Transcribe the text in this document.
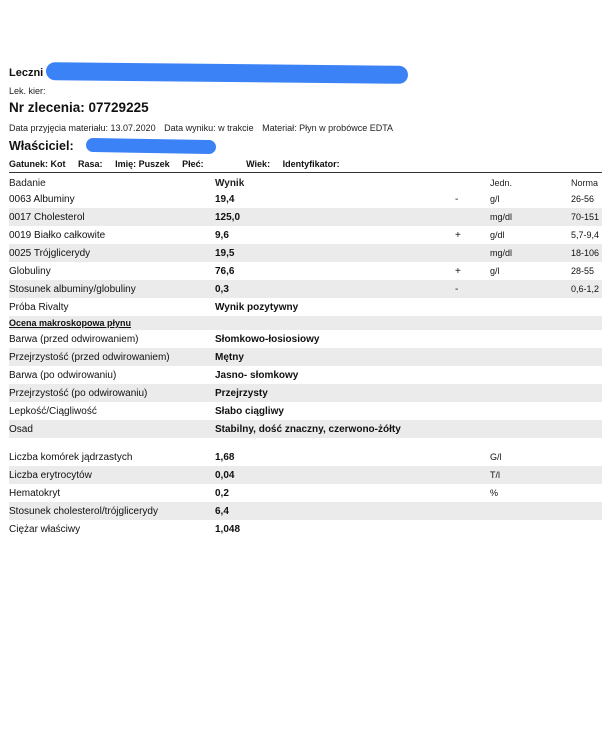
Leczni
Lek. kier:
Nr zlecenia: 07729225
Data przyjęcia materiału: 13.07.2020 Data wyniku: w trakcie Materiał: Płyn w probówce EDTA
Właściciel:
Gatunek: Kot Rasa: Imię: Puszek Płeć:	Wiek: Identyfikator:
Badanie	Wynik		Jedn.	Norma
0063 Albuminy	19,4	-	g/l	26-56
0017 Cholesterol	125,0		mg/dl	70-151
0019 Białko całkowite	9,6	+	g/dl	5,7-9,4
0025 Trójglicerydy	19,5		mg/dl	18-106
Globuliny	76,6	+	g/l	28-55
Stosunek albuminy/globuliny	0,3	-		0,6-1,2
Próba Rivalty	Wynik pozytywny			
Ocena makroskopowa płynu				
Barwa (przed odwirowaniem)	Słomkowo-łosiosiowy			
Przejrzystość (przed odwirowaniem)	Mętny			
Barwa (po odwirowaniu)	Jasno- słomkowy			
Przejrzystość (po odwirowaniu)	Przejrzysty			
Lepkość/Ciągliwość	Słabo ciągliwy			
Osad	Stabilny, dość znaczny, czerwono-żółty			

Liczba komórek jądrzastych	1,68		G/l	
Liczba erytrocytów	0,04		T/l	
Hematokryt	0,2		%	
Stosunek cholesterol/trójglicerydy	6,4			
Ciężar właściwy	1,048			
